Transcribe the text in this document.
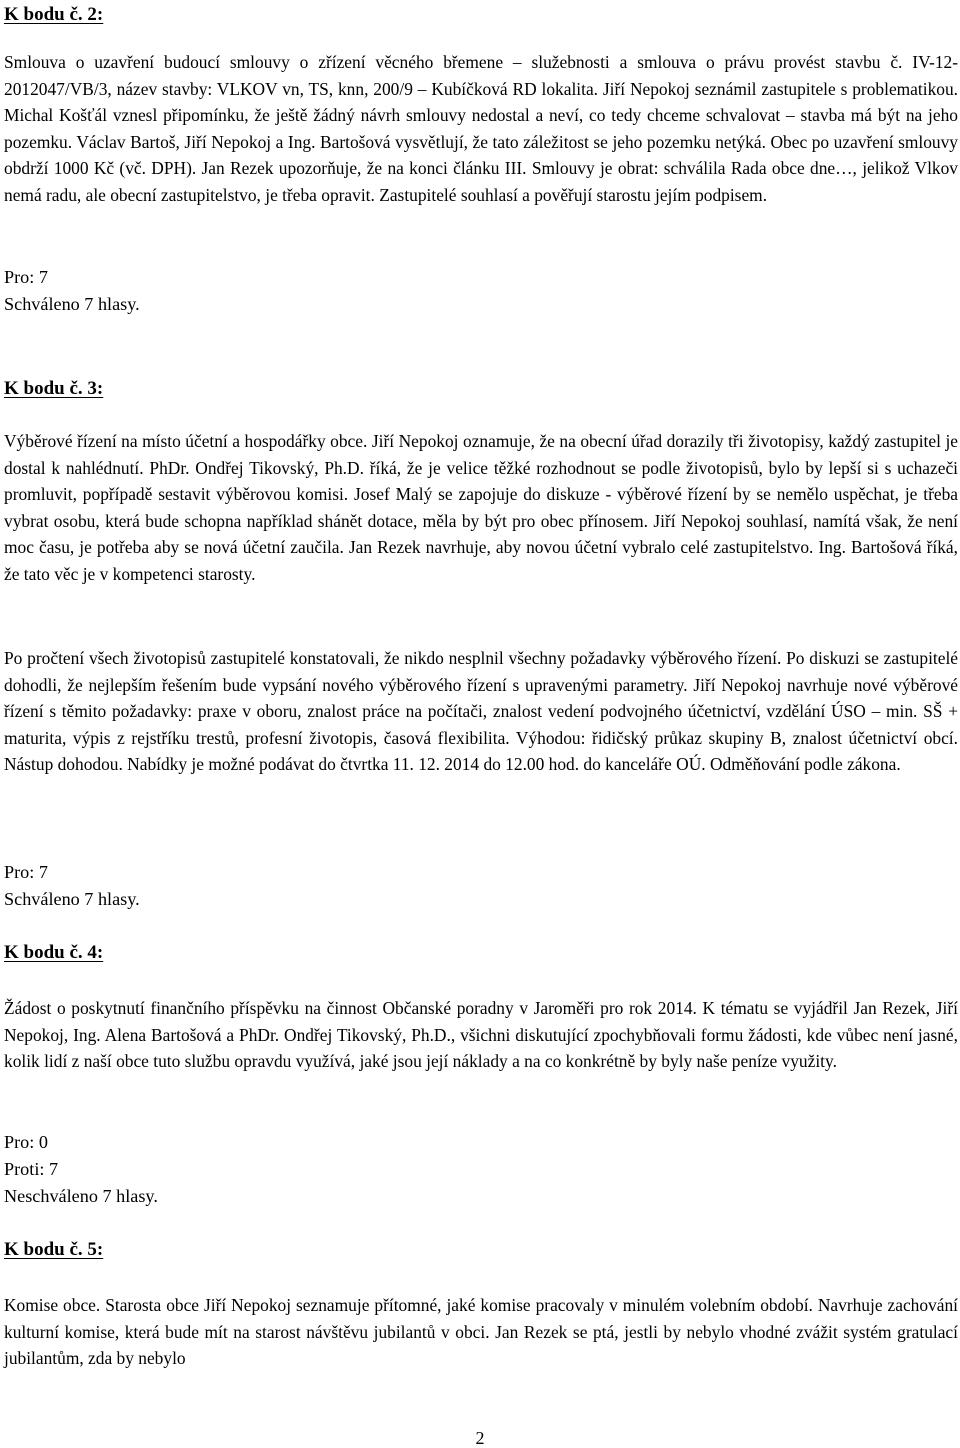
K bodu č. 2:
Smlouva o uzavření budoucí smlouvy o zřízení věcného břemene – služebnosti a smlouva o právu provést stavbu č. IV-12-2012047/VB/3, název stavby: VLKOV vn, TS, knn, 200/9 – Kubíčková RD lokalita. Jiří Nepokoj seznámil zastupitele s problematikou. Michal Košťál vznesl připomínku, že ještě žádný návrh smlouvy nedostal a neví, co tedy chceme schvalovat – stavba má být na jeho pozemku. Václav Bartoš, Jiří Nepokoj a Ing. Bartošová vysvětlují, že tato záležitost se jeho pozemku netýká. Obec po uzavření smlouvy obdrží 1000 Kč (vč. DPH). Jan Rezek upozorňuje, že na konci článku III. Smlouvy je obrat: schválila Rada obce dne…, jelikož Vlkov nemá radu, ale obecní zastupitelstvo, je třeba opravit. Zastupitelé souhlasí a pověřují starostu jejím podpisem.
Pro: 7
Schváleno 7 hlasy.
K bodu č. 3:
Výběrové řízení na místo účetní a hospodářky obce. Jiří Nepokoj oznamuje, že na obecní úřad dorazily tři životopisy, každý zastupitel je dostal k nahlédnutí. PhDr. Ondřej Tikovský, Ph.D. říká, že je velice těžké rozhodnout se podle životopisů, bylo by lepší si s uchazeči promluvit, popřípadě sestavit výběrovou komisi. Josef Malý se zapojuje do diskuze - výběrové řízení by se nemělo uspěchat, je třeba vybrat osobu, která bude schopna například shánět dotace, měla by být pro obec přínosem. Jiří Nepokoj souhlasí, namítá však, že není moc času, je potřeba aby se nová účetní zaučila. Jan Rezek navrhuje, aby novou účetní vybralo celé zastupitelstvo. Ing. Bartošová říká, že tato věc je v kompetenci starosty.
Po pročtení všech životopisů zastupitelé konstatovali, že nikdo nesplnil všechny požadavky výběrového řízení. Po diskuzi se zastupitelé dohodli, že nejlepším řešením bude vypsání nového výběrového řízení s upravenými parametry. Jiří Nepokoj navrhuje nové výběrové řízení s těmito požadavky: praxe v oboru, znalost práce na počítači, znalost vedení podvojného účetnictví, vzdělání ÚSO – min. SŠ + maturita, výpis z rejstříku trestů, profesní životopis, časová flexibilita. Výhodou: řidičský průkaz skupiny B, znalost účetnictví obcí. Nástup dohodou. Nabídky je možné podávat do čtvrtka 11. 12. 2014 do 12.00 hod. do kanceláře OÚ. Odměňování podle zákona.
Pro: 7
Schváleno 7 hlasy.
K bodu č. 4:
Žádost o poskytnutí finančního příspěvku na činnost Občanské poradny v Jaroměři pro rok 2014. K tématu se vyjádřil Jan Rezek, Jiří Nepokoj, Ing. Alena Bartošová a PhDr. Ondřej Tikovský, Ph.D., všichni diskutující zpochybňovali formu žádosti, kde vůbec není jasné, kolik lidí z naší obce tuto službu opravdu využívá, jaké jsou její náklady a na co konkrétně by byly naše peníze využity.
Pro: 0
Proti: 7
Neschváleno 7 hlasy.
K bodu č. 5:
Komise obce. Starosta obce Jiří Nepokoj seznamuje přítomné, jaké komise pracovaly v minulém volebním období. Navrhuje zachování kulturní komise, která bude mít na starost návštěvu jubilantů v obci. Jan Rezek se ptá, jestli by nebylo vhodné zvážit systém gratulací jubilantům, zda by nebylo
2
